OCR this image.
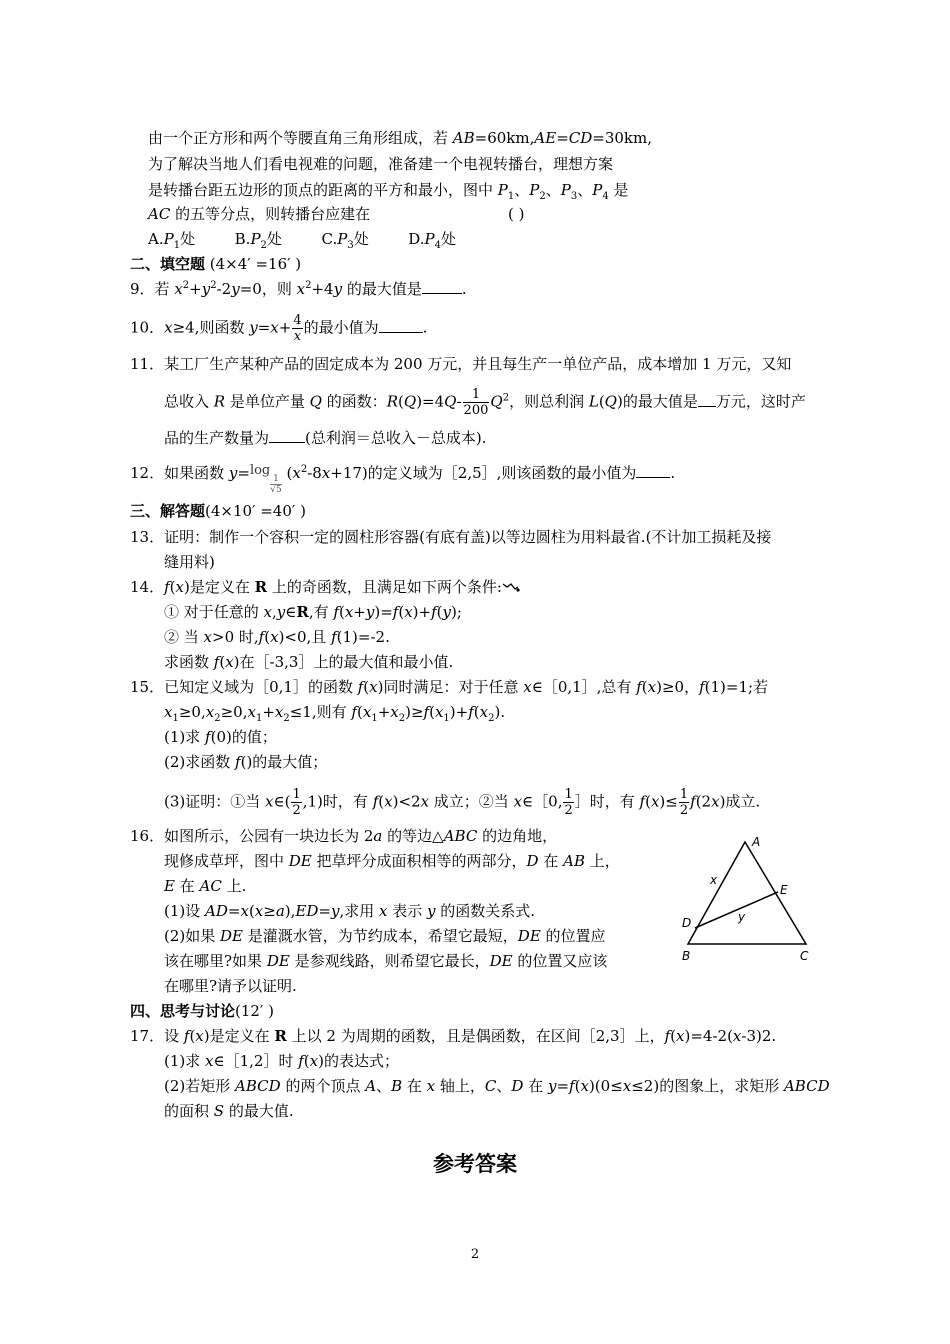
由一个正方形和两个等腰直角三角形组成，若 AB=60km,AE=CD=30km,
为了解决当地人们看电视难的问题，准备建一个电视转播台，理想方案
是转播台距五边形的顶点的距离的平方和最小，图中 $P_1$、$P_2$、$P_3$、$P_4$ 是
AC 的五等分点，则转播台应建在	( )
$A.P_1$处	$B.P_2$处	$C.P_3$处	$D.P_4$处
二、填空题 (4×4′ =16′ )
9．若 $x^2+y^2-2y=0$，则 $x^2+4y$ 的最大值是	.
10．x≥4,则函数 $y=x+ \frac{4}{x}$ 的最小值为	.
11．某工厂生产某种产品的固定成本为 200 万元，并且每生产一单位产品，成本增加 1 万元，又知
总收入 R 是单位产量 Q 的函数：$R(Q)=4Q- \frac{1}{200} Q^2$，则总利润 L(Q)的最大值是 万元，这时产
品的生产数量为 (总利润＝总收入－总成本).
12．如果函数 y=log
$\frac{1}{√5} (x^2-8x+17)$的定义域为［2,5］,则该函数的最小值为 .
三、解答题(4×10′ =40′ )
13．证明：制作一个容积一定的圆柱形容器(有底有盖)以等边圆柱为用料最省.(不计加工损耗及接
缝用料)
14．f(x)是定义在 R 上的奇函数，且满足如下两个条件:
① 对于任意的 x,y∈R,有 f(x+y)=f(x)+f(y);
② 当 x>0 时,f(x)<0,且 f(1)=-2.
求函数 f(x)在［-3,3］上的最大值和最小值.
15．已知定义域为［0,1］的函数 f(x)同时满足：对于任意 x∈［0,1］,总有 f(x)≥0，f(1)=1;若
$x_1\ge 0,x_2\ge 0,x_1+x_2\le 1$,则有 $f(x_1+x_2)\ge f(x_1)+f(x_2)$.
(1)求 f(0)的值；
(2)求函数 f()的最大值；
(3)证明：①当 x∈( $\frac{1}{2} ,1$)时，有 f(x)<2x 成立；②当 x∈［0, $\frac{1}{2}$ ］时，有 $f(x)\le \frac{1}{2} f(2x)$成立.
16．如图所示，公园有一块边长为 2a 的等边△ABC 的边角地，
现修成草坪，图中 DE 把草坪分成面积相等的两部分，D 在 AB 上，
E 在 AC 上.
(1)设 AD=x(x≥a),ED=y,求用 x 表示 y 的函数关系式.
(2)如果 DE 是灌溉水管，为节约成本，希望它最短，DE 的位置应
该在哪里?如果 DE 是参观线路，则希望它最长，DE 的位置又应该
在哪里?请予以证明.
A
E
x
y
D
B	C
四、思考与讨论(12′ )
17．设 f(x)是定义在 R 上以 2 为周期的函数，且是偶函数，在区间［2,3］上，f(x)=4-2(x-3)2.
(1)求 x∈［1,2］时 f(x)的表达式；
(2)若矩形 ABCD 的两个顶点 A、B 在 x 轴上，C、D 在 y=f(x)(0≤x≤2)的图象上，求矩形 ABCD
的面积 S 的最大值.
参考答案
2
